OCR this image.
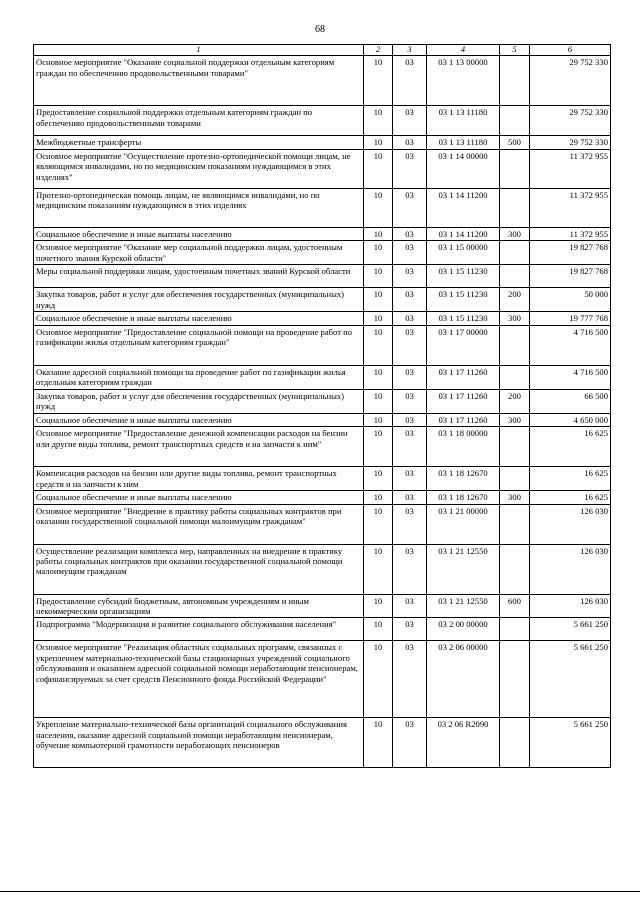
68
1	2	3	4	5	6
Основное мероприятие "Оказание социальной поддержки отдельным категориям граждан по обеспечению продовольственными товарами"	10	03	03 1 13 00000		29 752 330
Предоставление социальной поддержки отдельным категориям граждан по обеспечению продовольственными товарами	10	03	03 1 13 11180		29 752 330
Межбюджетные трансферты	10	03	03 1 13 11180	500	29 752 330
Основное мероприятие "Осуществление протезно-ортопедической помощи лицам, не являющимся инвалидами, но по медицинским показаниям нуждающимся в этих изделиях"	10	03	03 1 14 00000		11 372 955
Протезно-ортопедическая помощь лицам, не являющимся инвалидами, но по медицинским показаниям нуждающимся в этих изделиях	10	03	03 1 14 11200		11 372 955
Социальное обеспечение и иные выплаты населению	10	03	03 1 14 11200	300	11 372 955
Основное мероприятие "Оказание мер социальной поддержки лицам, удостоенным почетного звания Курской области"	10	03	03 1 15 00000		19 827 768
Меры социальной поддержки лицам, удостоенным почетных званий Курской области	10	03	03 1 15 11230		19 827 768
Закупка товаров, работ и услуг для обеспечения государственных (муниципальных) нужд	10	03	03 1 15 11230	200	50 000
Социальное обеспечение и иные выплаты населению	10	03	03 1 15 11230	300	19 777 768
Основное мероприятие "Предоставление социальной помощи на проведение работ по газификации жилья отдельным категориям граждан"	10	03	03 1 17 00000		4 716 500
Оказание адресной социальной помощи на проведение работ по газификации жилья отдельным категориям граждан	10	03	03 1 17 11260		4 716 500
Закупка товаров, работ и услуг для обеспечения государственных (муниципальных) нужд	10	03	03 1 17 11260	200	66 500
Социальное обеспечение и иные выплаты населению	10	03	03 1 17 11260	300	4 650 000
Основное мероприятие "Предоставление денежной компенсации расходов на бензин или другие виды топлива, ремонт транспортных средств и на запчасти к ним"	10	03	03 1 18 00000		16 625
Компенсация расходов на бензин или другие виды топлива, ремонт транспортных средств и на запчасти к ним	10	03	03 1 18 12670		16 625
Социальное обеспечение и иные выплаты населению	10	03	03 1 18 12670	300	16 625
Основное мероприятие "Внедрение в практику работы социальных контрактов при оказании государственной социальной помощи малоимущим гражданам"	10	03	03 1 21 00000		126 030
Осуществление реализации комплекса мер, направленных на внедрение в практику работы социальных контрактов при оказании государственной социальной помощи малоимущим гражданам	10	03	03 1 21 12550		126 030
Предоставление субсидий бюджетным, автономным учреждениям и иным некоммерческим организациям	10	03	03 1 21 12550	600	126 030
Подпрограмма "Модернизация и развитие социального обслуживания населения"	10	03	03 2 00 00000		5 661 250
Основное мероприятие "Реализация областных социальных программ, связанных с укреплением материально-технической базы стационарных учреждений социального обслуживания и оказанием адресной социальной помощи неработающим пенсионерам, софинансируемых за счет средств Пенсионного фонда Российской Федерации"	10	03	03 2 06 00000		5 661 250
Укрепление материально-технической базы организаций социального обслуживания населения, оказание адресной социальной помощи неработающим пенсионерам, обучение компьютерной грамотности неработающих пенсионеров	10	03	03 2 06 R2090		5 661 250
